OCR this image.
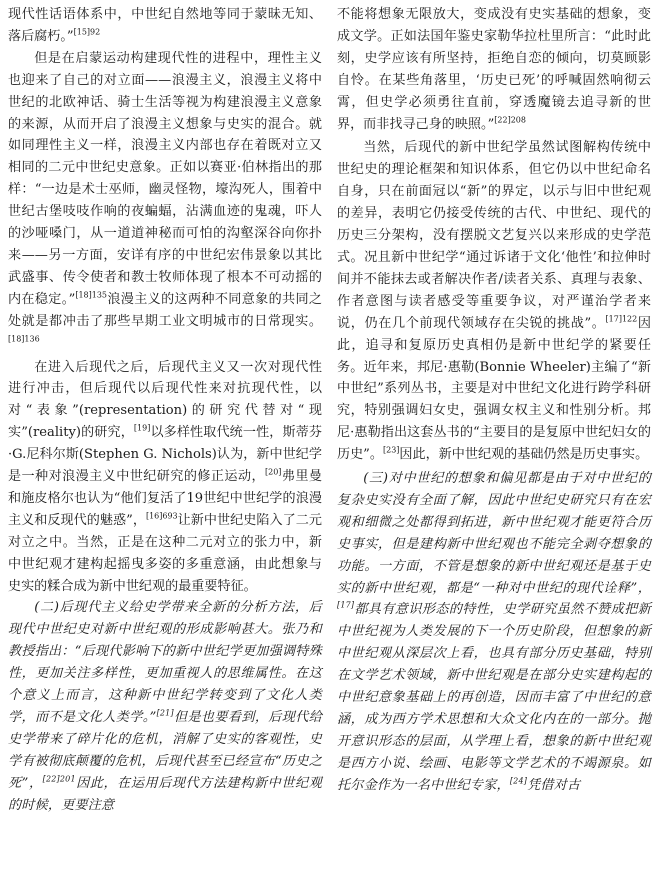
现代性话语体系中，中世纪自然地等同于蒙昧无知、落后腐朽。”$^{[15]92}$

但是在启蒙运动构建现代性的进程中，理性主义也迎来了自己的对立面——浪漫主义，浪漫主义将中世纪的北欧神话、骑士生活等视为构建浪漫主义意象的来源，从而开启了浪漫主义想象与史实的混合。就如同理性主义一样，浪漫主义内部也存在着既对立又相同的二元中世纪史意象。正如以赛亚·伯林指出的那样：“一边是术士巫师，幽灵怪物，壕沟死人，围着中世纪古堡吱吱作响的夜蝙蝠，沾满血迹的鬼魂，吓人的沙哑嗓门，从一道道神秘而可怕的沟壑深谷向你扑来——另一方面，安详有序的中世纪宏伟景象以其比武盛事、传令使者和教士牧师体现了根本不可动摇的内在稳定。”$^{[18]135}$浪漫主义的这两种不同意象的共同之处就是都冲击了那些早期工业文明城市的日常现实。$^{[18]136}$

在进入后现代之后，后现代主义又一次对现代性进行冲击，但后现代以后现代性来对抗现代性，以对“表象”(representation)的研究代替对“现实”(reality)的研究，[19]以多样性取代统一性，斯蒂芬·G.尼科尔斯(Stephen G. Nichols)认为，新中世纪学是一种对浪漫主义中世纪研究的修正运动，[20]弗里曼和施皮格尔也认为“他们复活了19世纪中世纪学的浪漫主义和反现代的魅惑”，$^{[16]693}$让新中世纪史陷入了二元对立之中。当然，正是在这种二元对立的张力中，新中世纪观才建构起摇曳多姿的多重意涵，由此想象与史实的糅合成为新中世纪观的最重要特征。

(二)后现代主义给史学带来全新的分析方法，后现代中世纪史对新中世纪观的形成影响甚大。张乃和教授指出：“后现代影响下的新中世纪学更加强调特殊性，更加关注多样性，更加重视人的思维属性。在这个意义上而言，这种新中世纪学转变到了文化人类学，而不是文化人类学。”[21]但是也要看到，后现代给史学带来了碎片化的危机，消解了史实的客观性，史学有被彻底颠覆的危机，后现代甚至已经宣布“历史之死”，$^{[22]201}$因此，在运用后现代方法建构新中世纪观的时候，更要注意

不能将想象无限放大，变成没有史实基础的想象，变成文学。正如法国年鉴史家勒华拉杜里所言：“此时此刻，史学应该有所坚持，拒绝自恋的倾向，切莫顾影自怜。在某些角落里，‘历史已死’的呼喊固然响彻云霄，但史学必须勇往直前，穿透魔镜去追寻新的世界，而非找寻己身的映照。”$^{[22]208}$

当然，后现代的新中世纪学虽然试图解构传统中世纪史的理论框架和知识体系，但它仍以中世纪命名自身，只在前面冠以“新”的界定，以示与旧中世纪观的差异，表明它仍接受传统的古代、中世纪、现代的历史三分架构，没有摆脱文艺复兴以来形成的史学范式。况且新中世纪学“通过诉诸于文化‘他性’和拉伸时间并不能抹去或者解决作者/读者关系、真理与表象、作者意图与读者感受等重要争议，对严谨治学者来说，仍在几个前现代领域存在尖锐的挑战”。$^{[17]122}$因此，追寻和复原历史真相仍是新中世纪学的紧要任务。近年来，邦尼·惠勒(Bonnie Wheeler)主编了“新中世纪”系列丛书，主要是对中世纪文化进行跨学科研究，特别强调妇女史，强调女权主义和性别分析。邦尼·惠勒指出这套丛书的“主要目的是复原中世纪妇女的历史”。[23]因此，新中世纪观的基础仍然是历史事实。

(三)对中世纪的想象和偏见都是由于对中世纪的复杂史实没有全面了解，因此中世纪史研究只有在宏观和细微之处都得到拓进，新中世纪观才能更符合历史事实，但是建构新中世纪观也不能完全剥夺想象的功能。一方面，不管是想象的新中世纪观还是基于史实的新中世纪观，都是“一种对中世纪的现代诠释”，[17]都具有意识形态的特性，史学研究虽然不赞成把新中世纪视为人类发展的下一个历史阶段，但想象的新中世纪观从深层次上看，也具有部分历史基础，特别在文学艺术领域，新中世纪观是在部分史实建构起的中世纪意象基础上的再创造，因而丰富了中世纪的意涵，成为西方学术思想和大众文化内在的一部分。抛开意识形态的层面，从学理上看，想象的新中世纪观是西方小说、绘画、电影等文学艺术的不竭源泉。如托尔金作为一名中世纪专家，[24]凭借对古
